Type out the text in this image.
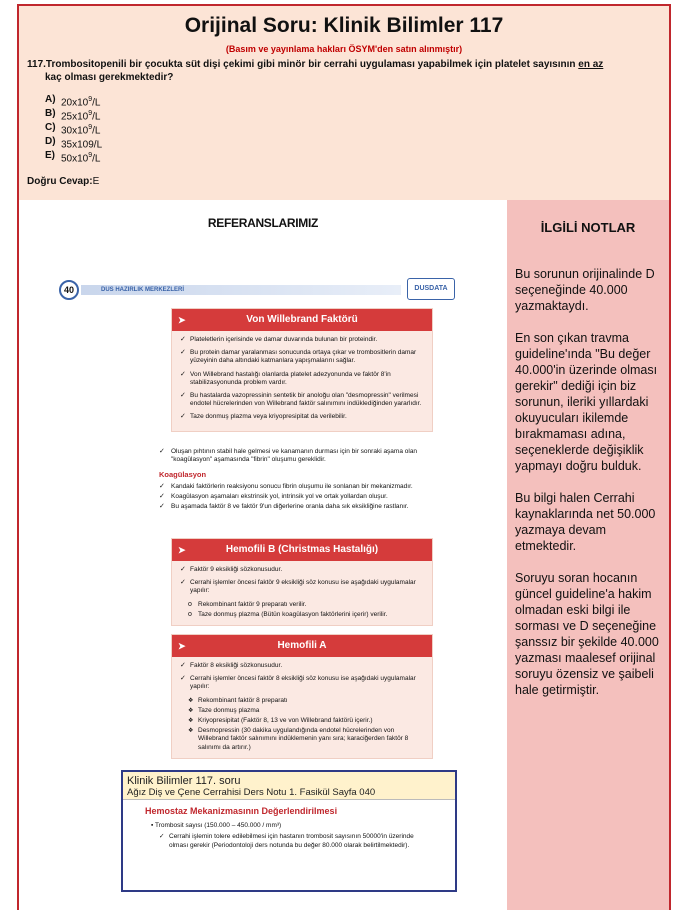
Orijinal Soru: Klinik Bilimler 117
(Basım ve yayınlama hakları ÖSYM'den satın alınmıştır)
117.Trombositopenili bir çocukta süt dişi çekimi gibi minör bir cerrahi uygulaması yapabilmek için platelet sayısının en az
kaç olması gerekmektedir?
A) $20x10^9/L$
B) $25x10^9/L$
C) $30x10^9/L$
D) 35x109/L
E) $50x10^9/L$
Doğru Cevap:E
REFERANSLARIMIZ
DUS HAZIRLIK MERKEZLERİ
40	DUSDATA
➤	Von Willebrand Faktörü
✓ Plateletlerin içerisinde ve damar duvarında bulunan bir proteindir.
✓ Bu protein damar yaralanması sonucunda ortaya çıkar ve trombositlerin damar yüzeyinin daha altındaki katmanlara yapışmalarını sağlar.
✓ Von Willebrand hastalığı olanlarda platelet adezyonunda ve faktör 8'in stabilizasyonunda problem vardır.
✓ Bu hastalarda vazopressinin sentetik bir anoloğu olan "desmopressin" verilmesi endotel hücrelerinden von Willebrand faktör salınımını indüklediğinden yararlıdır.
✓ Taze donmuş plazma veya kriyopresipitat da verilebilir.
✓ Oluşan pıhtının stabil hale gelmesi ve kanamanın durması için bir sonraki aşama olan "koagülasyon" aşamasında "fibrin" oluşumu gereklidir.
Koagülasyon
✓ Kandaki faktörlerin reaksiyonu sonucu fibrin oluşumu ile sonlanan bir mekanizmadır.
✓ Koagülasyon aşamaları ekstrinsik yol, intrinsik yol ve ortak yollardan oluşur.
✓ Bu aşamada faktör 8 ve faktör 9'un diğerlerine oranla daha sık eksikliğine rastlanır.
➤	Hemofili B (Christmas Hastalığı)
✓ Faktör 9 eksikliği sözkonusudur.
✓ Cerrahi işlemler öncesi faktör 9 eksikliği söz konusu ise aşağıdaki uygulamalar yapılır:
o Rekombinant faktör 9 preparatı verilir.
o Taze donmuş plazma (Bütün koagülasyon faktörlerini içerir) verilir.
➤	Hemofili A
✓ Faktör 8 eksikliği sözkonusudur.
✓ Cerrahi işlemler öncesi faktör 8 eksikliği söz konusu ise aşağıdaki uygulamalar yapılır:
❖ Rekombinant faktör 8 preparatı
❖ Taze donmuş plazma
❖ Kriyopresipitat (Faktör 8, 13 ve von Willebrand faktörü içerir.)
❖ Desmopressin (30 dakika uygulandığında endotel hücrelerinden von Willebrand faktör salınımını indüklemenin yanı sıra; karaciğerden faktör 8 salınımı da artırır.)
Klinik Bilimler 117. soru
Ağız Diş ve Çene Cerrahisi Ders Notu 1. Fasikül Sayfa 040
Hemostaz Mekanizmasının Değerlendirilmesi
▪ Trombosit sayısı (150.000 – 450.000 / mm³)
✓ Cerrahi işlemin tolere edilebilmesi için hastanın trombosit sayısının 50000'in üzerinde olması gerekir (Periodontoloji ders notunda bu değer 80.000 olarak belirtilmektedir).
İLGİLİ NOTLAR

Bu sorunun orijinalinde D seçeneğinde 40.000 yazmaktaydı.

En son çıkan travma guideline'ında "Bu değer 40.000'in üzerinde olması gerekir" dediği için biz sorunun, ileriki yıllardaki okuyucuları ikilemde bırakmaması adına, seçeneklerde değişiklik yapmayı doğru bulduk.

Bu bilgi halen Cerrahi kaynaklarında net 50.000 yazmaya devam etmektedir.

Soruyu soran hocanın güncel guideline'a hakim olmadan eski bilgi ile sorması ve D seçeneğine şanssız bir şekilde 40.000 yazması maalesef orijinal soruyu özensiz ve şaibeli hale getirmiştir.
